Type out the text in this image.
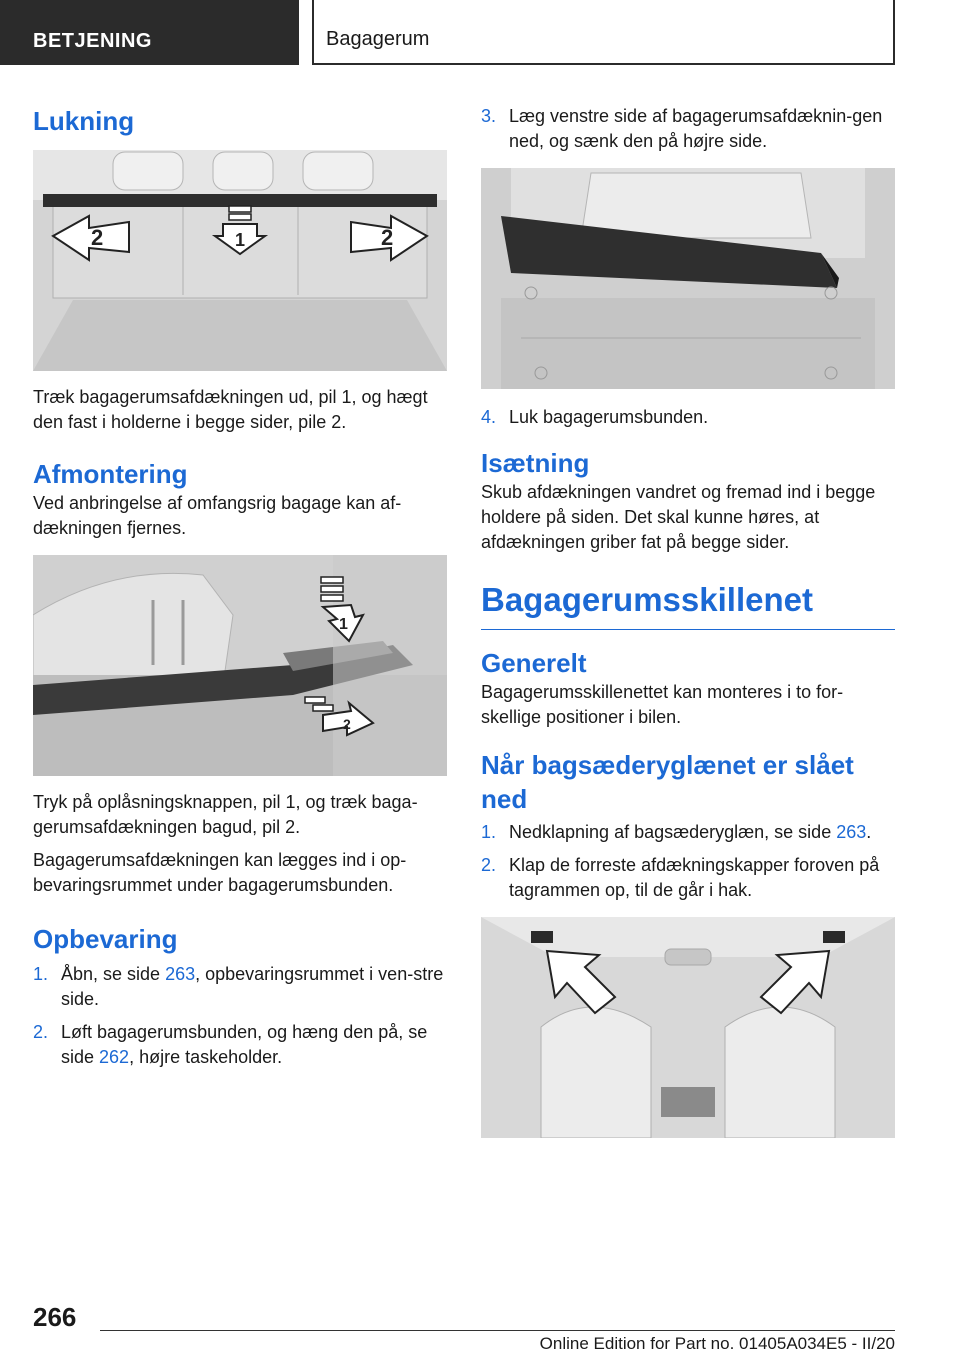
BETJENING	Bagagerum
Lukning
2	1	2

Træk bagagerumsafdækningen ud, pil 1, og hægt den fast i holderne i begge sider, pile 2.

Afmontering

Ved anbringelse af omfangsrig bagage kan af-dækningen fjernes.

1
2

Tryk på oplåsningsknappen, pil 1, og træk baga-gerumsafdækningen bagud, pil 2.

Bagagerumsafdækningen kan lægges ind i op-bevaringsrummet under bagagerumsbunden.

Opbevaring
1. Åbn, se side 263, opbevaringsrummet i ven-stre side.
2. Løft bagagerumsbunden, og hæng den på, se side 262, højre taskeholder.
3. Læg venstre side af bagagerumsafdæknin-gen ned, og sænk den på højre side.
4. Luk bagagerumsbunden.
Isætning

Skub afdækningen vandret og fremad ind i begge holdere på siden. Det skal kunne høres, at afdækningen griber fat på begge sider.

Bagagerumsskillenet
Generelt

Bagagerumsskillenettet kan monteres i to for-skellige positioner i bilen.

Når bagsæderyglænet er slået ned
1. Nedklapning af bagsæderyglæn, se side 263.
2. Klap de forreste afdækningskapper foroven på tagrammen op, til de går i hak.
266
Online Edition for Part no. 01405A034E5 - II/20
